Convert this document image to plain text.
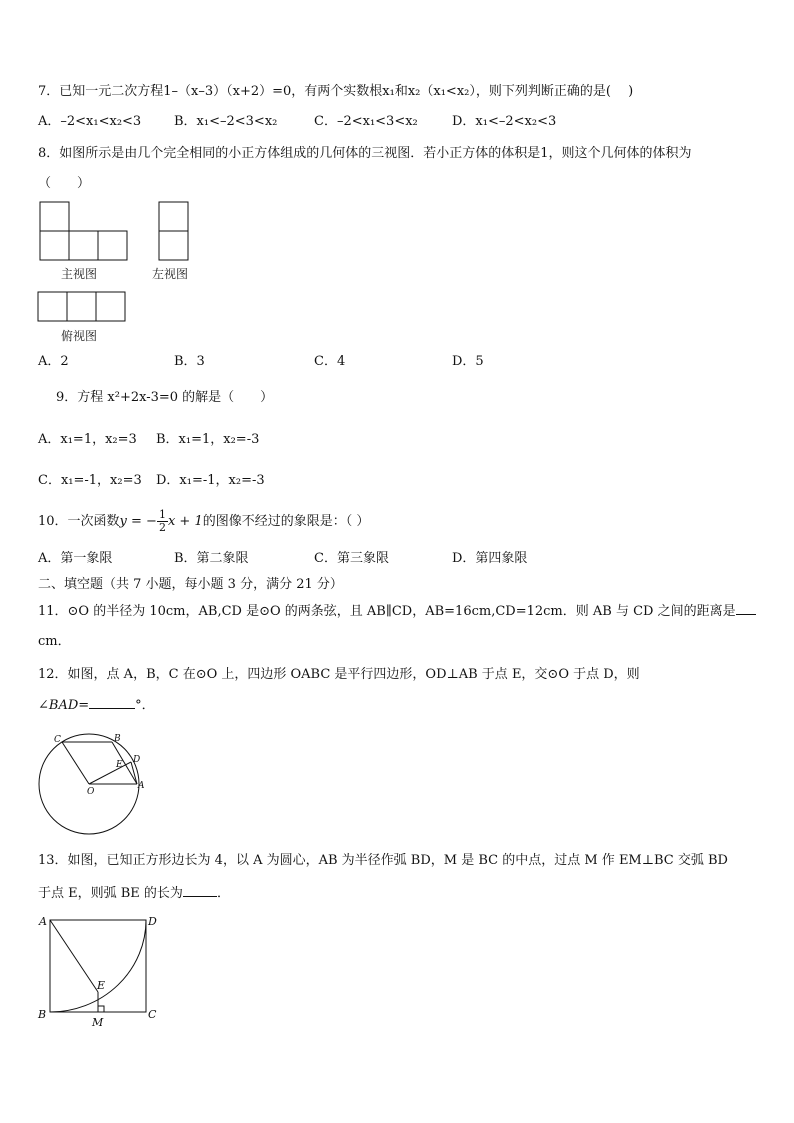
7．已知一元二次方程1–（x–3）（x+2）=0，有两个实数根x₁和x₂（x₁<x₂），则下列判断正确的是(　 )
A．–2<x₁<x₂<3	B．x₁<–2<3<x₂	C．–2<x₁<3<x₂	D．x₁<–2<x₂<3
8．如图所示是由几个完全相同的小正方体组成的几何体的三视图．若小正方体的体积是1，则这个几何体的体积为
（　　）
主视图	左视图
俯视图
A．2	B．3	C．4	D．5
9．方程 x²+2x-3=0 的解是（　　）
A．x₁=1，x₂=3 B．x₁=1，x₂=-3
C．x₁=-1，x₂=3 D．x₁=-1，x₂=-3
10．一次函数y = − $\frac{1}{2}$ x + 1的图像不经过的象限是：（ ）
A．第一象限	B．第二象限	C．第三象限	D．第四象限
二、填空题（共 7 小题，每小题 3 分，满分 21 分）
11．⊙O 的半径为 10cm，AB,CD 是⊙O 的两条弦，且 AB∥CD，AB=16cm,CD=12cm．则 AB 与 CD 之间的距离是
cm．
12．如图，点 A，B，C 在⊙O 上，四边形 OABC 是平行四边形，OD⊥AB 于点 E，交⊙O 于点 D，则
∠BAD=	°．
C	B
D
E
O
A
13．如图，已知正方形边长为 4，以 A 为圆心，AB 为半径作弧 BD，M 是 BC 的中点，过点 M 作 EM⊥BC 交弧 BD
于点 E，则弧 BE 的长为	．
A	D
E
B
M
C
